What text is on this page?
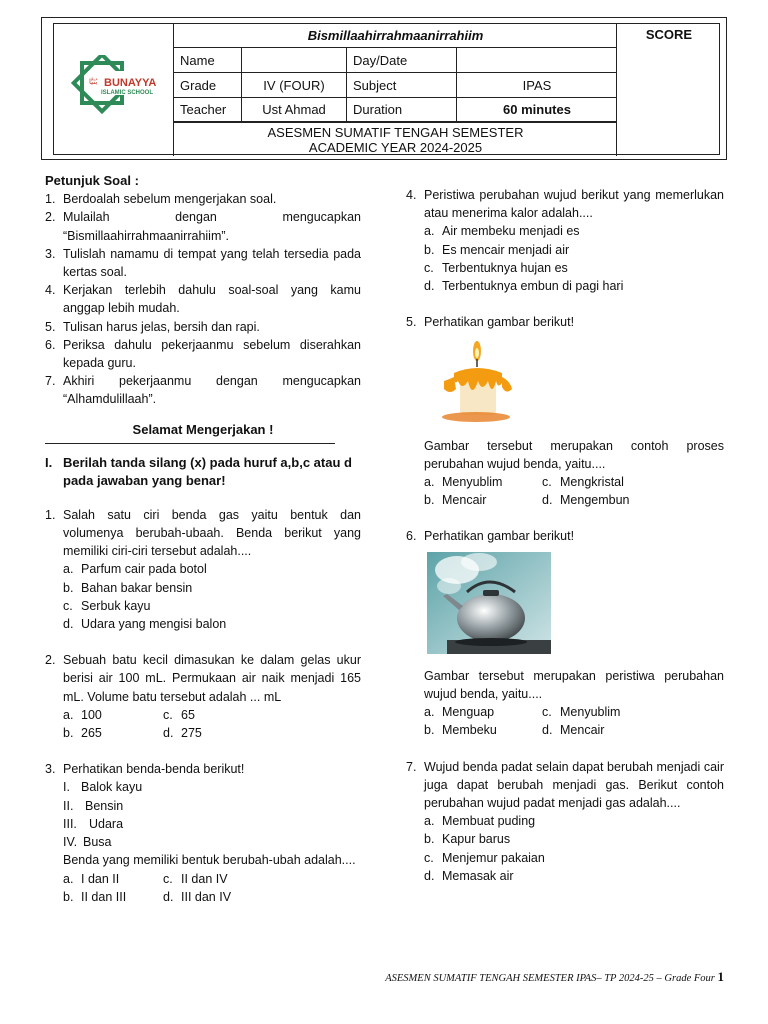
بُنَيَّا BUNAYYA
ISLAMIC SCHOOL
Bismillaahirrahmaanirrahiim
Name	Day/Date
Grade	IV (FOUR)	Subject	IPAS
Teacher	Ust Ahmad	Duration	60 minutes
ASESMEN SUMATIF TENGAH SEMESTER
ACADEMIC YEAR 2024-2025
SCORE
Petunjuk Soal :
1. Berdoalah sebelum mengerjakan soal.
2. Mulailah dengan mengucapkan “Bismillaahirrahmaanirrahiim”.
3. Tulislah namamu di tempat yang telah tersedia pada kertas soal.
4. Kerjakan terlebih dahulu soal-soal yang kamu anggap lebih mudah.
5. Tulisan harus jelas, bersih dan rapi.
6. Periksa dahulu pekerjaanmu sebelum diserahkan kepada guru.
7. Akhiri pekerjaanmu dengan mengucapkan “Alhamdulillaah”.
Selamat Mengerjakan !
I. Berilah tanda silang (x) pada huruf a,b,c atau d pada jawaban yang benar!
1. Salah satu ciri benda gas yaitu bentuk dan volumenya berubah-ubaah. Benda berikut yang memiliki ciri-ciri tersebut adalah....
a. Parfum cair pada botol
b. Bahan bakar bensin
c. Serbuk kayu
d. Udara yang mengisi balon
2. Sebuah batu kecil dimasukan ke dalam gelas ukur berisi air 100 mL. Permukaan air naik menjadi 165 mL. Volume batu tersebut adalah ... mL
a. 100	c. 65
b. 265	d. 275
3. Perhatikan benda-benda berikut!
I. Balok kayu
II. Bensin
III. Udara
IV. Busa
Benda yang memiliki bentuk berubah-ubah adalah....
a. I dan II	c. II dan IV
b. II dan III	d. III dan IV
4. Peristiwa perubahan wujud berikut yang memerlukan atau menerima kalor adalah....
a. Air membeku menjadi es
b. Es mencair menjadi air
c. Terbentuknya hujan es
d. Terbentuknya embun di pagi hari
5. Perhatikan gambar berikut!
Gambar tersebut merupakan contoh proses perubahan wujud benda, yaitu....
a. Menyublim	c. Mengkristal
b. Mencair	d. Mengembun
6. Perhatikan gambar berikut!
Gambar tersebut merupakan peristiwa perubahan wujud benda, yaitu....
a. Menguap	c. Menyublim
b. Membeku	d. Mencair
7. Wujud benda padat selain dapat berubah menjadi cair juga dapat berubah menjadi gas. Berikut contoh perubahan wujud padat menjadi gas adalah....
a. Membuat puding
b. Kapur barus
c. Menjemur pakaian
d. Memasak air
ASESMEN SUMATIF TENGAH SEMESTER IPAS– TP 2024-25 – Grade Four 1
